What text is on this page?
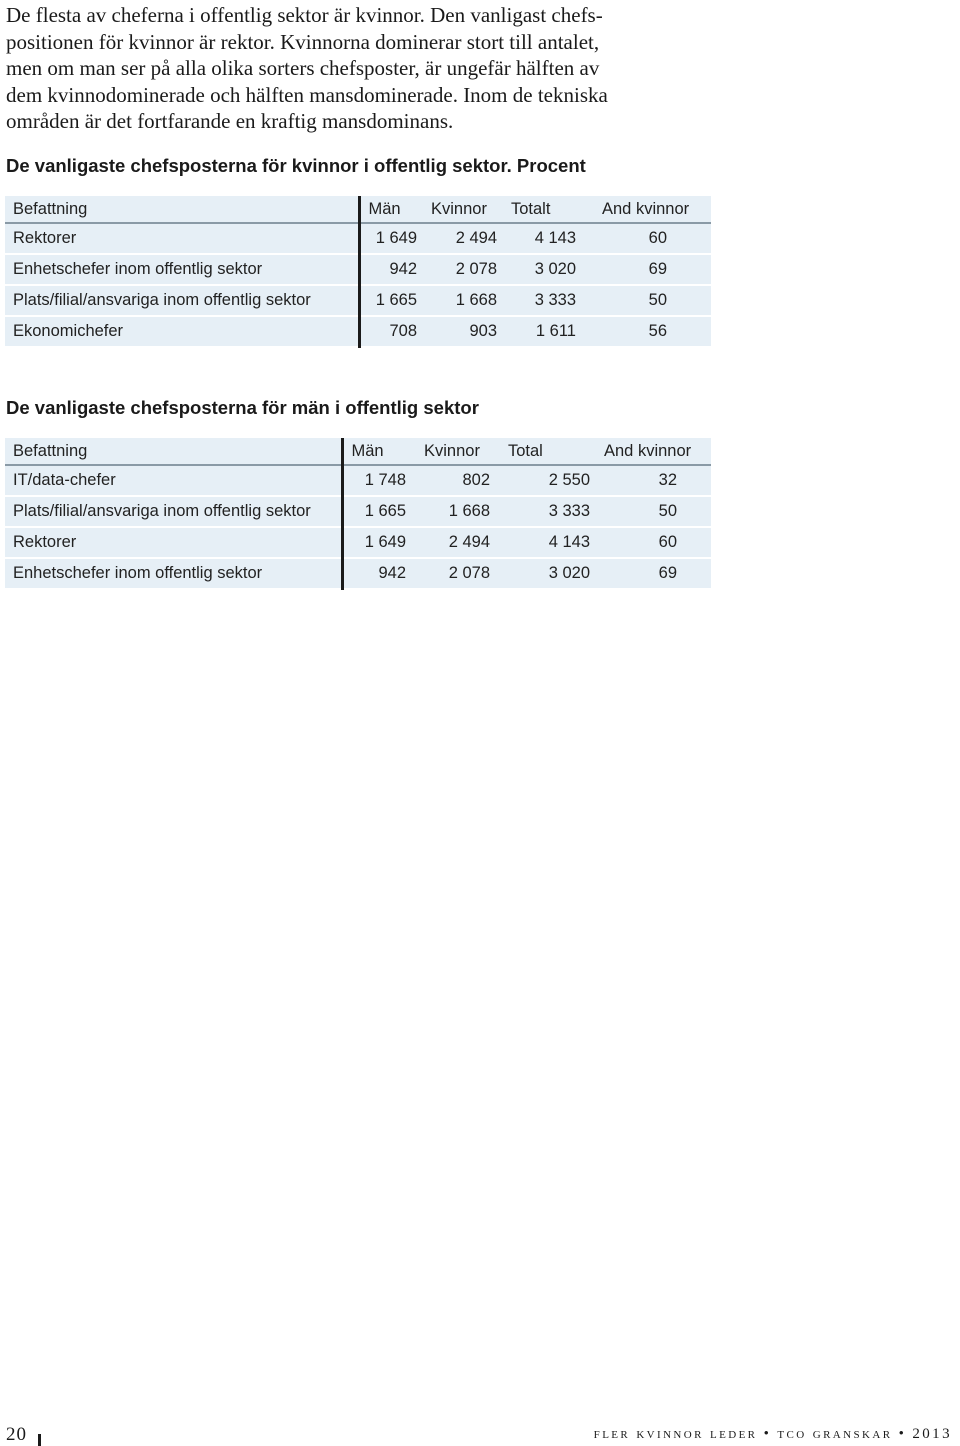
De flesta av cheferna i offentlig sektor är kvinnor. Den vanligast chefs-
positionen för kvinnor är rektor. Kvinnorna dominerar stort till antalet,
men om man ser på alla olika sorters chefsposter, är ungefär hälften av
dem kvinnodominerade och hälften mansdominerade. Inom de tekniska
områden är det fortfarande en kraftig mansdominans.

De vanligaste chefsposterna för kvinnor i offentlig sektor. Procent
Befattning	Män	Kvinnor	Totalt	And kvinnor
Rektorer	1 649	2 494	4 143	60
Enhetschefer inom offentlig sektor	942	2 078	3 020	69
Plats/filial/ansvariga inom offentlig sektor	1 665	1 668	3 333	50
Ekonomichefer	708	903	1 611	56
De vanligaste chefsposterna för män i offentlig sektor
Befattning	Män	Kvinnor	Total	And kvinnor
IT/data-chefer	1 748	802	2 550	32
Plats/filial/ansvariga inom offentlig sektor	1 665	1 668	3 333	50
Rektorer	1 649	2 494	4 143	60
Enhetschefer inom offentlig sektor	942	2 078	3 020	69
20	fler kvinnor leder • tco granskar • 2013
